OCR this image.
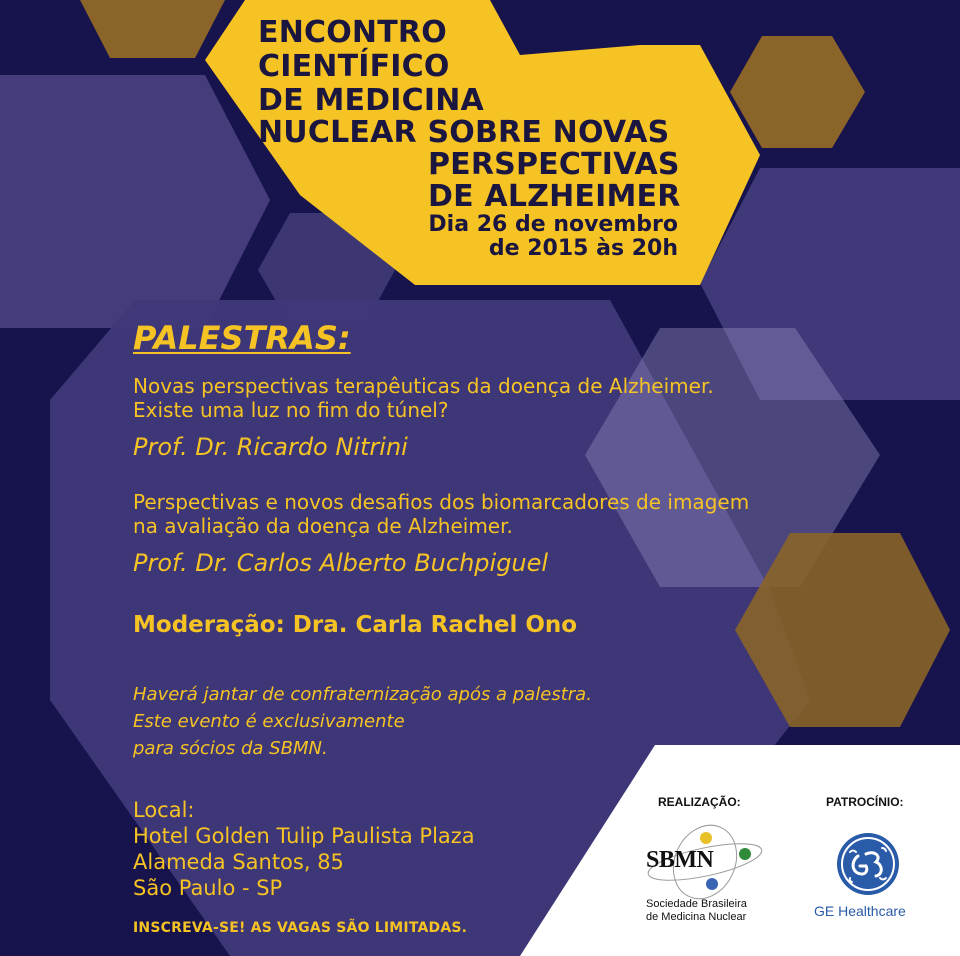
ENCONTRO
CIENTÍFICO
DE MEDICINA
NUCLEAR SOBRE NOVAS
PERSPECTIVAS
DE ALZHEIMER
Dia 26 de novembro
de 2015 às 20h
PALESTRAS:
Novas perspectivas terapêuticas da doença de Alzheimer.
Existe uma luz no fim do túnel?
Prof. Dr. Ricardo Nitrini
Perspectivas e novos desafios dos biomarcadores de imagem
na avaliação da doença de Alzheimer.
Prof. Dr. Carlos Alberto Buchpiguel
Moderação: Dra. Carla Rachel Ono
Haverá jantar de confraternização após a palestra.
Este evento é exclusivamente
para sócios da SBMN.
Local:
Hotel Golden Tulip Paulista Plaza
Alameda Santos, 85
São Paulo - SP
INSCREVA-SE! AS VAGAS SÃO LIMITADAS.
REALIZAÇÃO:	PATROCÍNIO:
SBMN
Sociedade Brasileira
de Medicina Nuclear	GE Healthcare
